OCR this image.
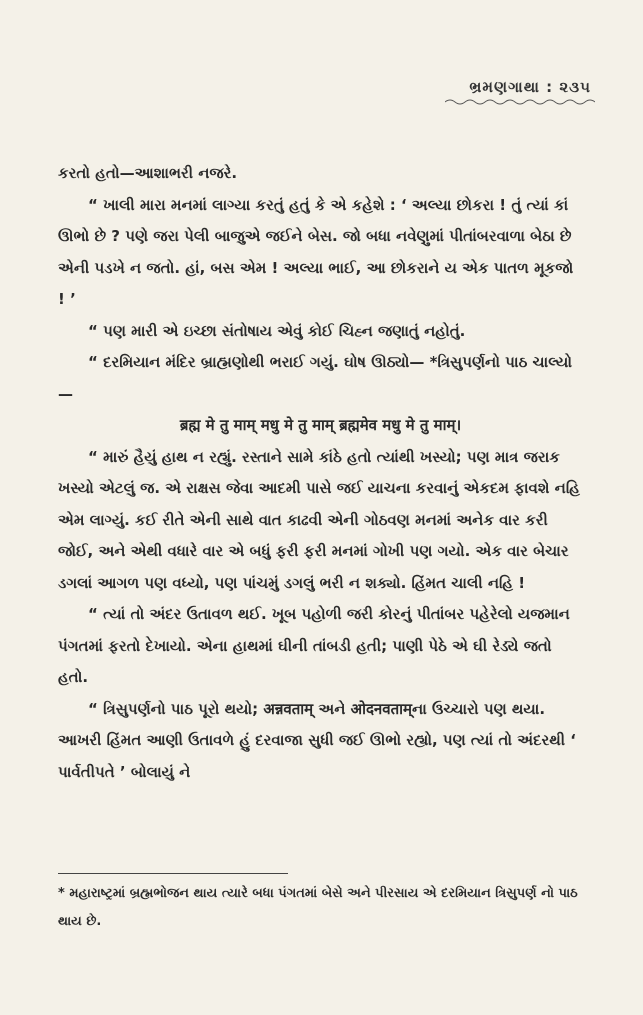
ભ્રમણગાથા : ૨૩૫

કરતો હતો—આશાભરી નજરે.

“ ખાલી મારા મનમાં લાગ્યા કરતું હતું કે એ કહેશે : ‘ અલ્યા છોકરા ! તું ત્યાં કાં ઊભો છે ? પણે જરા પેલી બાજુએ જઈને બેસ. જો બધા નવેણુમાં પીતાંબરવાળા બેઠા છે એની પડખે ન જતો. હાં, બસ એમ ! અલ્યા ભાઈ, આ છોકરાને ય એક પાતળ મૂકજો ! ’

“ પણ મારી એ ઇચ્છા સંતોષાય એવું કોઈ ચિહ્ન જણાતું નહોતું.

“ દરમિયાન મંદિર બ્રાહ્મણોથી ભરાઈ ગયું. ઘોષ ઊઠ્યો— *ત્રિસુપર્ણનો પાઠ ચાલ્યો—

ब्रह्म मे तु माम् मधु मे तु माम् ब्रह्ममेव मधु मे तु माम्।

“ મારું હૈયું હાથ ન રહ્યું. રસ્તાને સામે કાંઠે હતો ત્યાંથી ખસ્યો; પણ માત્ર જરાક ખસ્યો એટલું જ. એ રાક્ષસ જેવા આદમી પાસે જઈ યાચના કરવાનું એકદમ ફાવશે નહિ એમ લાગ્યું. કઈ રીતે એની સાથે વાત કાઢવી એની ગોઠવણ મનમાં અનેક વાર કરી જોઈ, અને એથી વધારે વાર એ બધું ફરી ફરી મનમાં ગોખી પણ ગયો. એક વાર બેચાર ડગલાં આગળ પણ વધ્યો, પણ પાંચમું ડગલું ભરી ન શક્યો. હિંમત ચાલી નહિ !

“ ત્યાં તો અંદર ઉતાવળ થઈ. ખૂબ પહોળી જરી કોરનું પીતાંબર પહેરેલો યજમાન પંગતમાં ફરતો દેખાયો. એના હાથમાં ઘીની તાંબડી હતી; પાણી પેઠે એ ઘી રેડ્યે જતો હતો.

“ ત્રિસુપર્ણનો પાઠ પૂરો થયો; अन्नवताम् અને ओदनवताम्ના ઉચ્ચારો પણ થયા. આખરી હિંમત આણી ઉતાવળે હું દરવાજા સુધી જઈ ઊભો રહ્યો, પણ ત્યાં તો અંદરથી ‘ પાર્વતીપતે ’ બોલાયું ને

* મહારાષ્ટ્રમાં બ્રહ્મભોજન થાય ત્યારે બધા પંગતમાં બેસે અને પીરસાય એ દરમિયાન ત્રિસુપર્ણ નો પાઠ થાય છે.
